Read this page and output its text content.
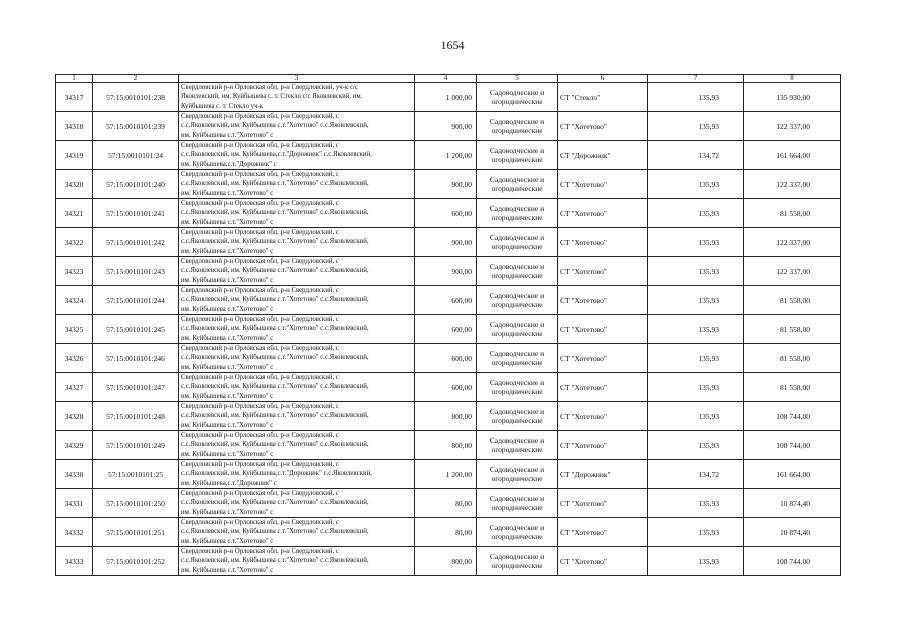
1654
1	2	3	4	5	6	7	8
34317	57:15:0010101:238	Свердловский р-н Орловская обл, р-н Свердловский, уч-к с/с
Яковлевский, им. Куйбышева с. т. Стекло с/с Яковлевский, им.
Куйбышева с. т. Стекло уч-к	1 000,00	Садоводческие и
огороднические	СТ "Стекло"	135,93	135 930,00
34318	57:15:0010101:239	Свердловский р-н Орловская обл, р-н Свердловский, с
с.с.Яковлевский, им. Куйбышева с.т."Хотетово" с.с.Яковлевский,
им. Куйбышева с.т."Хотетово" с	900,00	Садоводческие и
огороднические	СТ "Хотетово"	135,93	122 337,00
34319	57:15:0010101:24	Свердловский р-н Орловская обл, р-н Свердловский, с
с.с.Яковлевский, им. Куйбышева,с.т."Дорожник" с.с.Яковлевский,
им. Куйбышева,с.т."Дорожник" с	1 200,00	Садоводческие и
огороднические	СТ "Дорожник"	134,72	161 664,00
34320	57:15:0010101:240	Свердловский р-н Орловская обл, р-н Свердловский, с
с.с.Яковлевский, им. Куйбышева с.т."Хотетово" с.с.Яковлевский,
им. Куйбышева с.т."Хотетово" с	900,00	Садоводческие и
огороднические	СТ "Хотетово"	135,93	122 337,00
34321	57:15:0010101:241	Свердловский р-н Орловская обл, р-н Свердловский, с
с.с.Яковлевский, им. Куйбышева с.т."Хотетово" с.с.Яковлевский,
им. Куйбышева с.т."Хотетово" с	600,00	Садоводческие и
огороднические	СТ "Хотетово"	135,93	81 558,00
34322	57:15:0010101:242	Свердловский р-н Орловская обл, р-н Свердловский, с
с.с.Яковлевский, им. Куйбышева с.т."Хотетово" с.с.Яковлевский,
им. Куйбышева с.т."Хотетово" с	900,00	Садоводческие и
огороднические	СТ "Хотетово"	135,93	122 337,00
34323	57:15:0010101:243	Свердловский р-н Орловская обл, р-н Свердловский, с
с.с.Яковлевский, им. Куйбышева с.т."Хотетово" с.с.Яковлевский,
им. Куйбышева с.т."Хотетово" с	900,00	Садоводческие и
огороднические	СТ "Хотетово"	135,93	122 337,00
34324	57:15:0010101:244	Свердловский р-н Орловская обл, р-н Свердловский, с
с.с.Яковлевский, им. Куйбышева с.т."Хотетово" с.с.Яковлевский,
им. Куйбышева с.т."Хотетово" с	600,00	Садоводческие и
огороднические	СТ "Хотетово"	135,93	81 558,00
34325	57:15:0010101:245	Свердловский р-н Орловская обл, р-н Свердловский, с
с.с.Яковлевский, им. Куйбышева с.т."Хотетово" с.с.Яковлевский,
им. Куйбышева с.т."Хотетово" с	600,00	Садоводческие и
огороднические	СТ "Хотетово"	135,93	81 558,00
34326	57:15:0010101:246	Свердловский р-н Орловская обл, р-н Свердловский, с
с.с.Яковлевский, им. Куйбышева с.т."Хотетово" с.с.Яковлевский,
им. Куйбышева с.т."Хотетово" с	600,00	Садоводческие и
огороднические	СТ "Хотетово"	135,93	81 558,00
34327	57:15:0010101:247	Свердловский р-н Орловская обл, р-н Свердловский, с
с.с.Яковлевский, им. Куйбышева с.т."Хотетово" с.с.Яковлевский,
им. Куйбышева с.т."Хотетово" с	600,00	Садоводческие и
огороднические	СТ "Хотетово"	135,93	81 558,00
34328	57:15:0010101:248	Свердловский р-н Орловская обл, р-н Свердловский, с
с.с.Яковлевский, им. Куйбышева с.т."Хотетово" с.с.Яковлевский,
им. Куйбышева с.т."Хотетово" с	800,00	Садоводческие и
огороднические	СТ "Хотетово"	135,93	108 744,00
34329	57:15:0010101:249	Свердловский р-н Орловская обл, р-н Свердловский, с
с.с.Яковлевский, им. Куйбышева с.т."Хотетово" с.с.Яковлевский,
им. Куйбышева с.т."Хотетово" с	800,00	Садоводческие и
огороднические	СТ "Хотетово"	135,93	108 744,00
34330	57:15:0010101:25	Свердловский р-н Орловская обл, р-н Свердловский, с
с.с.Яковлевский, им. Куйбышева,с.т."Дорожник" с.с.Яковлевский,
им. Куйбышева,с.т."Дорожник" с	1 200,00	Садоводческие и
огороднические	СТ "Дорожник"	134,72	161 664,00
34331	57:15:0010101:250	Свердловский р-н Орловская обл, р-н Свердловский, с
с.с.Яковлевский, им. Куйбышева с.т."Хотетово" с.с.Яковлевский,
им. Куйбышева с.т."Хотетово" с	80,00	Садоводческие и
огороднические	СТ "Хотетово"	135,93	10 874,40
34332	57:15:0010101:251	Свердловский р-н Орловская обл, р-н Свердловский, с
с.с.Яковлевский, им. Куйбышева с.т."Хотетово" с.с.Яковлевский,
им. Куйбышева с.т."Хотетово" с	80,00	Садоводческие и
огороднические	СТ "Хотетово"	135,93	10 874,40
34333	57:15:0010101:252	Свердловский р-н Орловская обл, р-н Свердловский, с
с.с.Яковлевский, им. Куйбышева с.т."Хотетово" с.с.Яковлевский,
им. Куйбышева с.т."Хотетово" с	800,00	Садоводческие и
огороднические	СТ "Хотетово"	135,93	108 744,00
